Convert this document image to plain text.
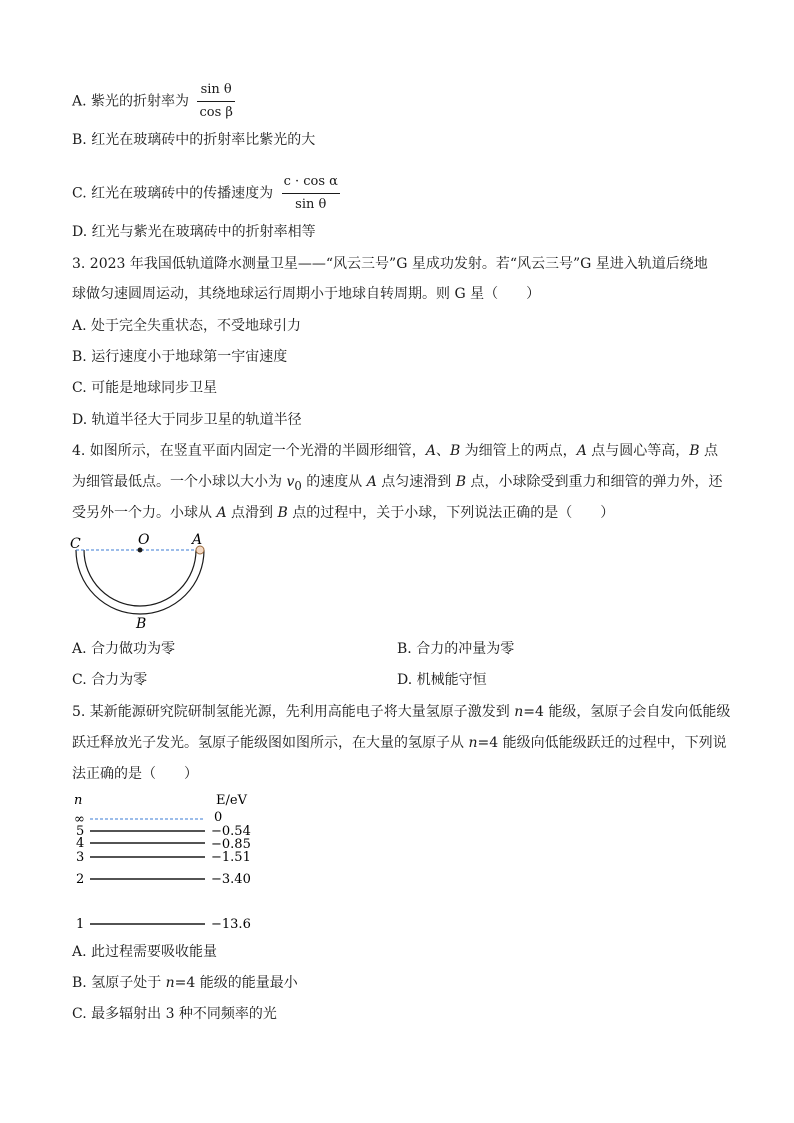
A. 紫光的折射率为 $\frac{\text{sin θ}}{\text{cos β}}$
B. 红光在玻璃砖中的折射率比紫光的大
C. 红光在玻璃砖中的传播速度为 $\frac{\text{c · cos α}}{\text{sin θ}}$
D. 红光与紫光在玻璃砖中的折射率相等
3. 2023 年我国低轨道降水测量卫星——“风云三号”G 星成功发射。若“风云三号”G 星进入轨道后绕地
球做匀速圆周运动，其绕地球运行周期小于地球自转周期。则 G 星（　　）
A. 处于完全失重状态，不受地球引力
B. 运行速度小于地球第一宇宙速度
C. 可能是地球同步卫星
D. 轨道半径大于同步卫星的轨道半径
4. 如图所示，在竖直平面内固定一个光滑的半圆形细管，A、B 为细管上的两点，A 点与圆心等高，B 点
为细管最低点。一个小球以大小为 $v_0$ 的速度从 A 点匀速滑到 B 点，小球除受到重力和细管的弹力外，还
受另外一个力。小球从 A 点滑到 B 点的过程中，关于小球，下列说法正确的是（　　）
C	O	A
B
A. 合力做功为零	B. 合力的冲量为零
C. 合力为零	D. 机械能守恒
5. 某新能源研究院研制氢能光源，先利用高能电子将大量氢原子激发到 n=4 能级，氢原子会自发向低能级
跃迁释放光子发光。氢原子能级图如图所示，在大量的氢原子从 n=4 能级向低能级跃迁的过程中，下列说
法正确的是（　　）
n	E/eV
∞	0
5	−0.54
4	−0.85
3	−1.51
2	−3.40
1	−13.6
A. 此过程需要吸收能量
B. 氢原子处于 n=4 能级的能量最小
C. 最多辐射出 3 种不同频率的光
